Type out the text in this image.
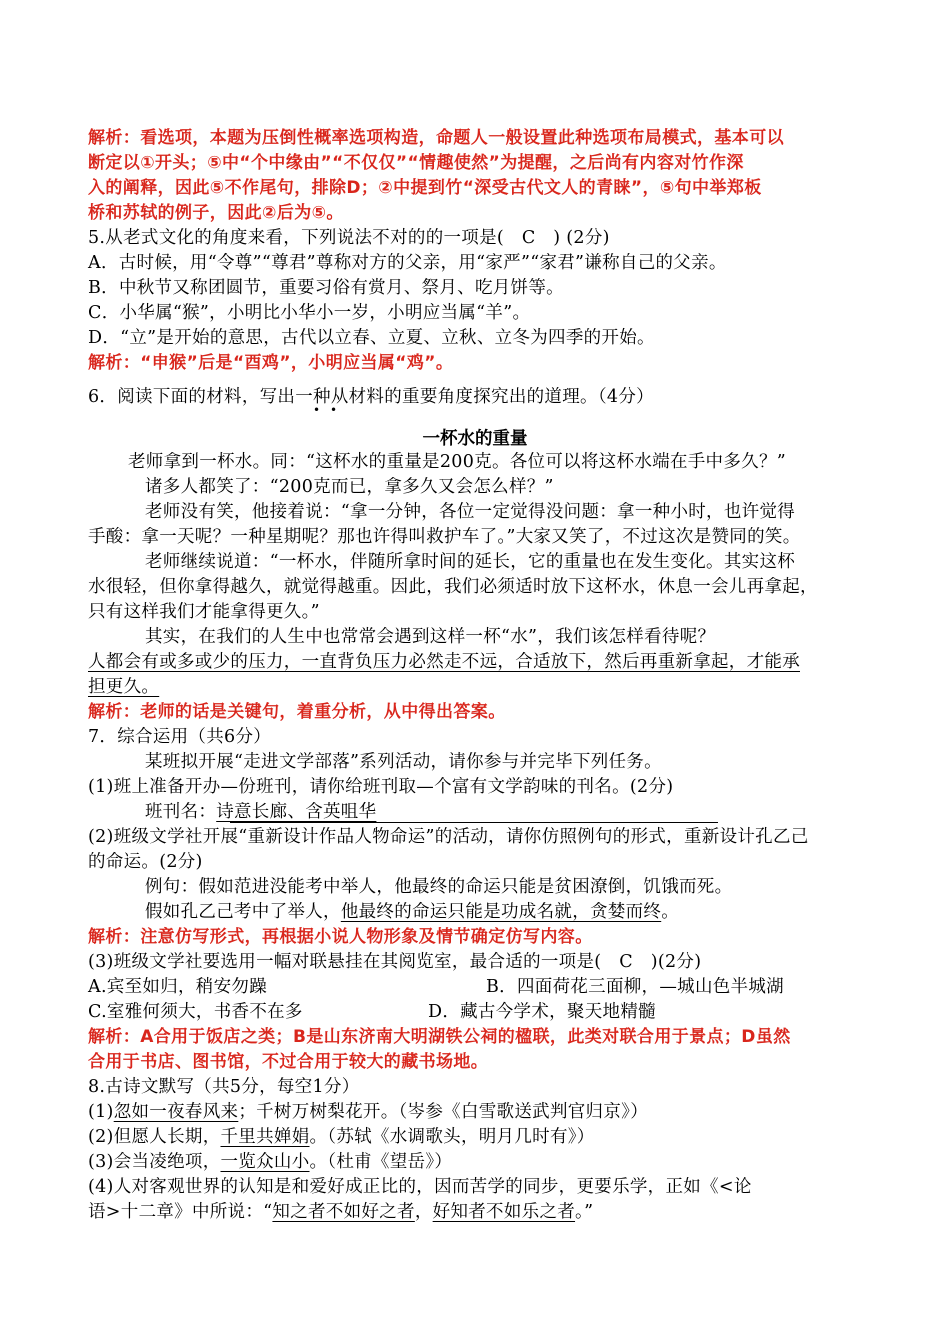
解析：看选项，本题为压倒性概率选项构造，命题人一般设置此种选项布局模式，基本可以
断定以①开头；⑤中“个中缘由”“不仅仅”“情趣使然”为提醒，之后尚有内容对竹作深
入的阐释，因此⑤不作尾句，排除D；②中提到竹“深受古代文人的青睐”，⑤句中举郑板
桥和苏轼的例子，因此②后为⑤。
5.从老式文化的角度来看，下列说法不对的的一项是(　C　) (2分)
A．古时候，用“令尊”“尊君”尊称对方的父亲，用“家严”“家君”谦称自己的父亲。
B．中秋节又称团圆节，重要习俗有赏月、祭月、吃月饼等。
C．小华属“猴”，小明比小华小一岁，小明应当属“羊”。
D．“立”是开始的意思，古代以立春、立夏、立秋、立冬为四季的开始。
解析：“申猴”后是“酉鸡”，小明应当属“鸡”。
6．阅读下面的材料，写出一种从材料的重要角度探究出的道理。（4分）
• •
一杯水的重量
老师拿到一杯水。同：“这杯水的重量是200克。各位可以将这杯水端在手中多久？”
诸多人都笑了：“200克而已，拿多久又会怎么样？”
老师没有笑，他接着说：“拿一分钟，各位一定觉得没问题：拿一种小时，也许觉得
手酸：拿一天呢？一种星期呢？那也许得叫救护车了。”大家又笑了，不过这次是赞同的笑。
老师继续说道：“一杯水，伴随所拿时间的延长，它的重量也在发生变化。其实这杯
水很轻，但你拿得越久，就觉得越重。因此，我们必须适时放下这杯水，休息一会儿再拿起，
只有这样我们才能拿得更久。”
其实，在我们的人生中也常常会遇到这样一杯“水”，我们该怎样看待呢？
人都会有或多或少的压力，一直背负压力必然走不远，合适放下，然后再重新拿起，才能承
担更久。
解析：老师的话是关键句，着重分析，从中得出答案。
7．综合运用（共6分）
某班拟开展“走进文学部落”系列活动，请你参与并完毕下列任务。
(1)班上准备开办—份班刊，请你给班刊取—个富有文学韵味的刊名。(2分)
班刊名：诗意长廊、含英咀华
(2)班级文学社开展“重新设计作品人物命运”的活动，请你仿照例句的形式，重新设计孔乙己
的命运。(2分)
例句：假如范进没能考中举人，他最终的命运只能是贫困潦倒，饥饿而死。
假如孔乙己考中了举人，他最终的命运只能是功成名就，贪婪而终。
解析：注意仿写形式，再根据小说人物形象及情节确定仿写内容。
(3)班级文学社要选用一幅对联悬挂在其阅览室，最合适的一项是(　C　)(2分)
A.宾至如归，稍安勿躁	B．四面荷花三面柳，—城山色半城湖
C.室雅何须大，书香不在多	D．藏古今学术，聚天地精髓
解析：A合用于饭店之类；B是山东济南大明湖铁公祠的楹联，此类对联合用于景点；D虽然
合用于书店、图书馆，不过合用于较大的藏书场地。
8.古诗文默写（共5分，每空1分）
(1)忽如一夜春风来；千树万树梨花开。（岑参《白雪歌送武判官归京》）
(2)但愿人长期，千里共婵娟。（苏轼《水调歌头，明月几时有》）
(3)会当凌绝项，一览众山小。（杜甫《望岳》）
(4)人对客观世界的认知是和爱好成正比的，因而苦学的同步，更要乐学，正如《<论
语>十二章》中所说：“知之者不如好之者，好知者不如乐之者。”
